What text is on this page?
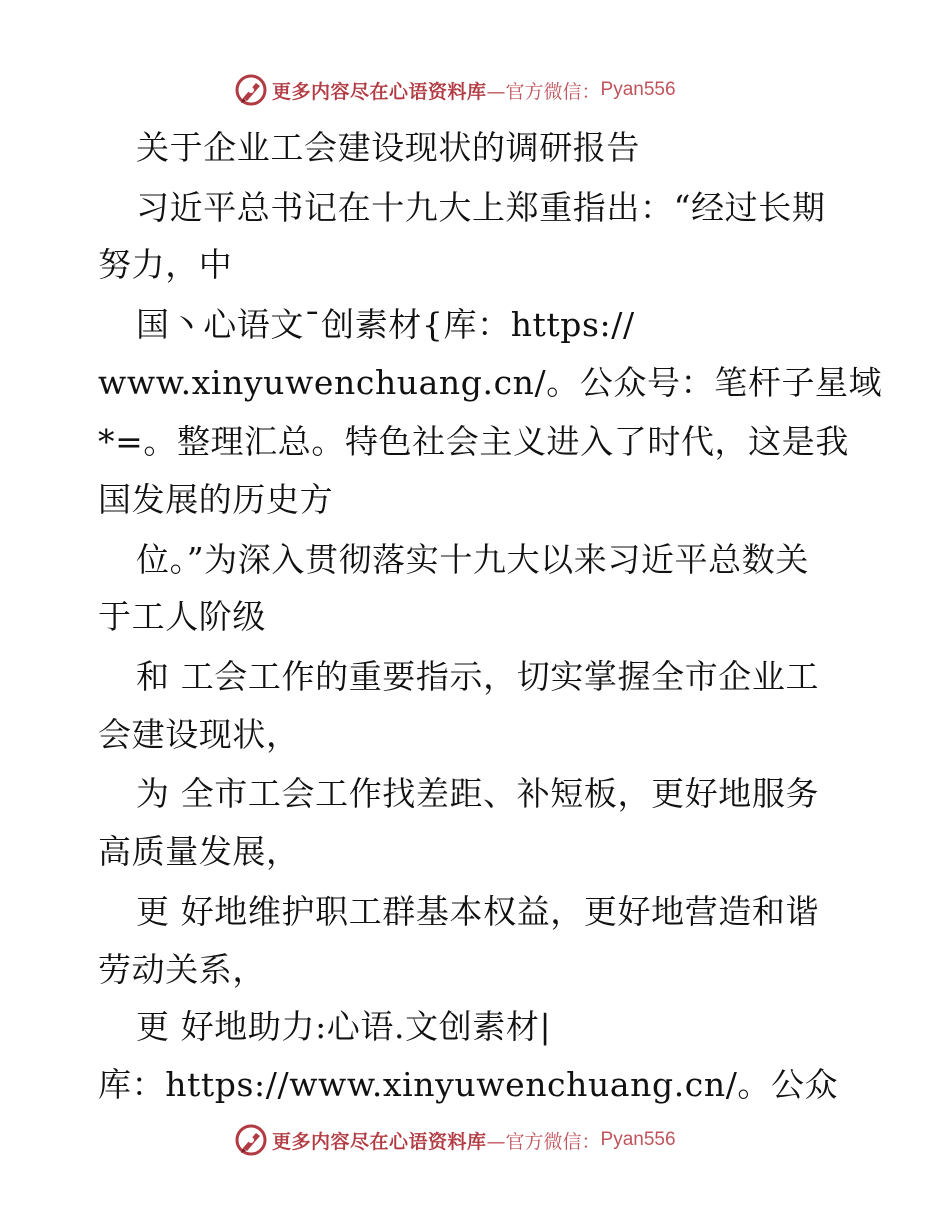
更多内容尽在心语资料库 —官方微信： Pyan556
关于企业工会建设现状的调研报告
习近平总书记在十九大上郑重指出：“经过长期
努力，中
国丶心语文¯创素材{库：https://
www.xinyuwenchuang.cn/。公众号：笔杆子星域
*=。整理汇总。特色社会主义进入了时代，这是我
国发展的历史方
位。”为深入贯彻落实十九大以来习近平总数关
于工人阶级
和 工会工作的重要指示，切实掌握全市企业工
会建设现状，
为 全市工会工作找差距、补短板，更好地服务
高质量发展，
更 好地维护职工群基本权益，更好地营造和谐
劳动关系，
更 好地助力:心语.文创素材|
库：https://www.xinyuwenchuang.cn/。公众
更多内容尽在心语资料库 —官方微信： Pyan556
